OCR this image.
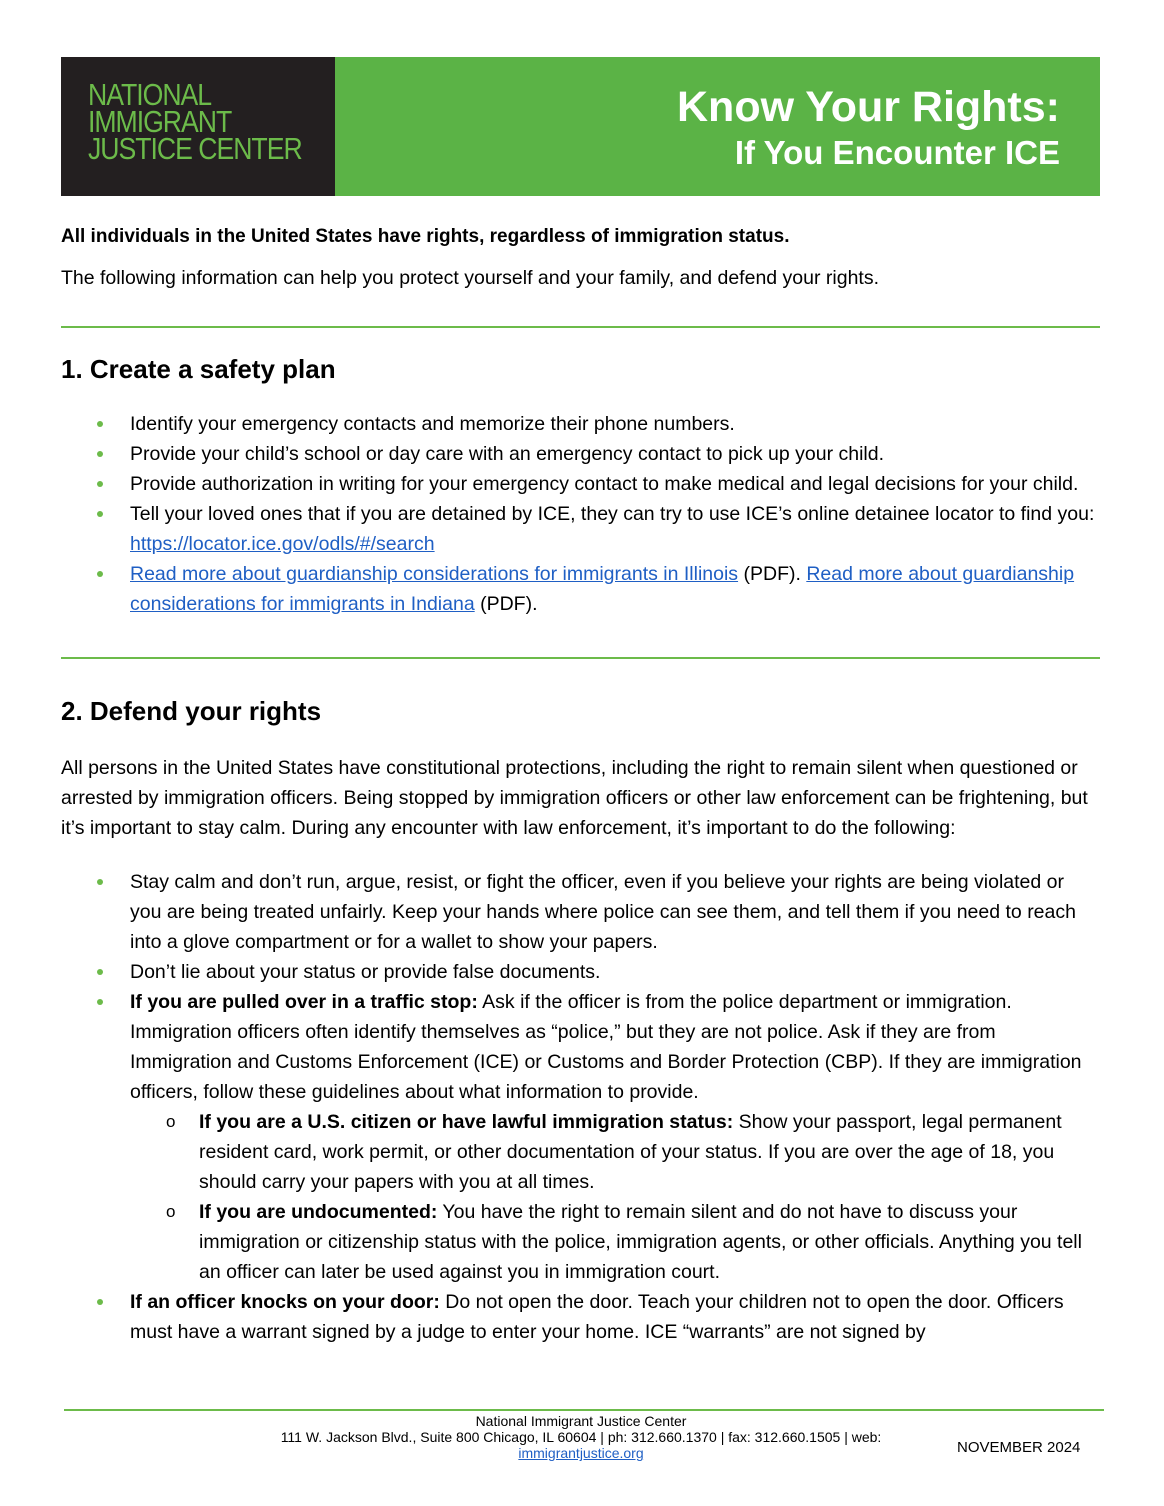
NATIONAL
IMMIGRANT
JUSTICE CENTER
Know Your Rights:
If You Encounter ICE

All individuals in the United States have rights, regardless of immigration status.

The following information can help you protect yourself and your family, and defend your rights.

1. Create a safety plan
Identify your emergency contacts and memorize their phone numbers.
Provide your child’s school or day care with an emergency contact to pick up your child.
Provide authorization in writing for your emergency contact to make medical and legal decisions for your child.
Tell your loved ones that if you are detained by ICE, they can try to use ICE’s online detainee locator to find you: https://locator.ice.gov/odls/#/search
Read more about guardianship considerations for immigrants in Illinois (PDF). Read more about guardianship considerations for immigrants in Indiana (PDF).
2. Defend your rights

All persons in the United States have constitutional protections, including the right to remain silent when questioned or arrested by immigration officers. Being stopped by immigration officers or other law enforcement can be frightening, but it’s important to stay calm. During any encounter with law enforcement, it’s important to do the following:

Stay calm and don’t run, argue, resist, or fight the officer, even if you believe your rights are being violated or you are being treated unfairly. Keep your hands where police can see them, and tell them if you need to reach into a glove compartment or for a wallet to show your papers.
Don’t lie about your status or provide false documents.
If you are pulled over in a traffic stop: Ask if the officer is from the police department or immigration. Immigration officers often identify themselves as “police,” but they are not police. Ask if they are from Immigration and Customs Enforcement (ICE) or Customs and Border Protection (CBP). If they are immigration officers, follow these guidelines about what information to provide.
o If you are a U.S. citizen or have lawful immigration status: Show your passport, legal permanent resident card, work permit, or other documentation of your status. If you are over the age of 18, you should carry your papers with you at all times.
o If you are undocumented: You have the right to remain silent and do not have to discuss your immigration or citizenship status with the police, immigration agents, or other officials. Anything you tell an officer can later be used against you in immigration court.
If an officer knocks on your door: Do not open the door. Teach your children not to open the door. Officers must have a warrant signed by a judge to enter your home. ICE “warrants” are not signed by
National Immigrant Justice Center
111 W. Jackson Blvd., Suite 800 Chicago, IL 60604 | ph: 312.660.1370 | fax: 312.660.1505 | web:
immigrantjustice.org	NOVEMBER 2024
